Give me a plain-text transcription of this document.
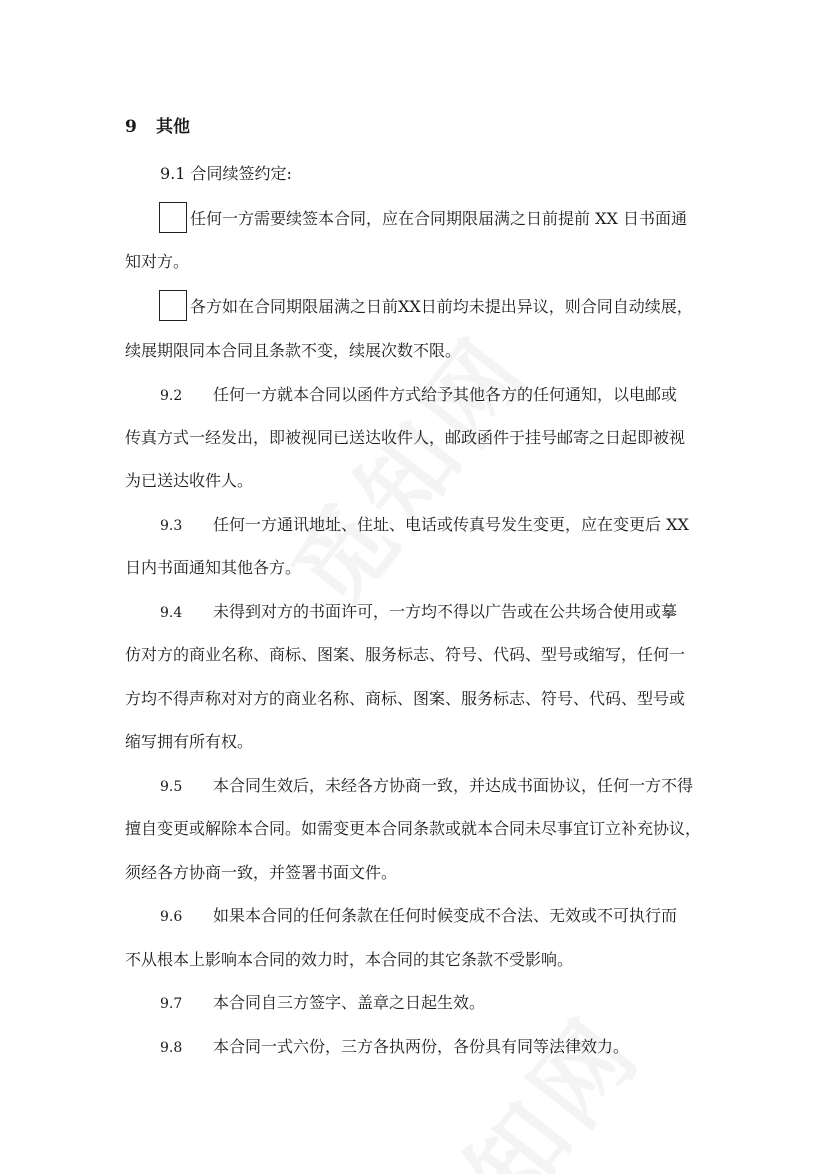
9 其他
9.1 合同续签约定:
任何一方需要续签本合同，应在合同期限届满之日前提前 XX 日书面通
知对方。
各方如在合同期限届满之日前XX日前均未提出异议，则合同自动续展，
续展期限同本合同且条款不变，续展次数不限。
9.2 任何一方就本合同以函件方式给予其他各方的任何通知，以电邮或
传真方式一经发出，即被视同已送达收件人，邮政函件于挂号邮寄之日起即被视
为已送达收件人。
9.3 任何一方通讯地址、住址、电话或传真号发生变更，应在变更后 XX
日内书面通知其他各方。
9.4 未得到对方的书面许可，一方均不得以广告或在公共场合使用或摹
仿对方的商业名称、商标、图案、服务标志、符号、代码、型号或缩写，任何一
方均不得声称对对方的商业名称、商标、图案、服务标志、符号、代码、型号或
缩写拥有所有权。
9.5 本合同生效后，未经各方协商一致，并达成书面协议，任何一方不得
擅自变更或解除本合同。如需变更本合同条款或就本合同未尽事宜订立补充协议，
须经各方协商一致，并签署书面文件。
9.6 如果本合同的任何条款在任何时候变成不合法、无效或不可执行而
不从根本上影响本合同的效力时，本合同的其它条款不受影响。
9.7 本合同自三方签字、盖章之日起生效。
9.8 本合同一式六份，三方各执两份，各份具有同等法律效力。
